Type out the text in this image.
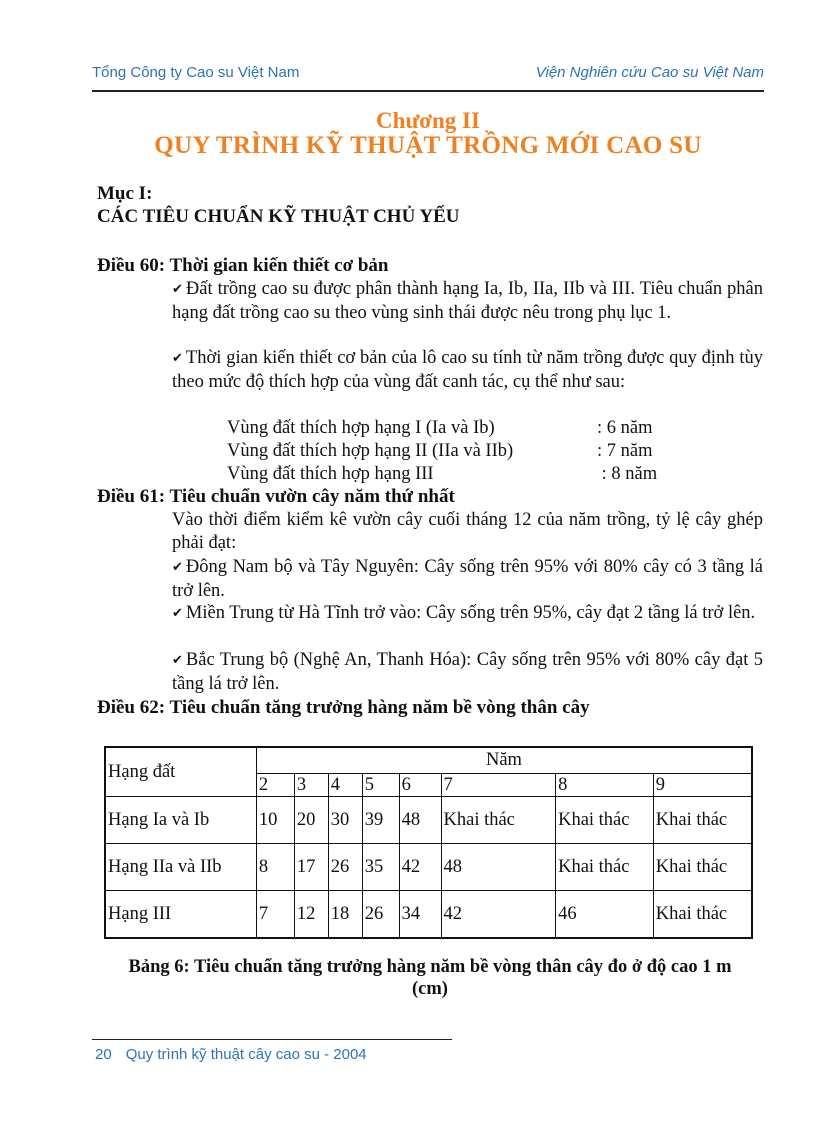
Tổng Công ty Cao su Việt Nam	Viện Nghiên cứu Cao su Việt Nam
Chương II
QUY TRÌNH KỸ THUẬT TRỒNG MỚI CAO SU
Mục I:
CÁC TIÊU CHUẨN KỸ THUẬT CHỦ YẾU
Điều 60: Thời gian kiến thiết cơ bản
✔ Đất trồng cao su được phân thành hạng Ia, Ib, IIa, IIb và III. Tiêu chuẩn phân hạng đất trồng cao su theo vùng sinh thái được nêu trong phụ lục 1.
✔ Thời gian kiến thiết cơ bản của lô cao su tính từ năm trồng được quy định tùy theo mức độ thích hợp của vùng đất canh tác, cụ thể như sau:
Vùng đất thích hợp hạng I (Ia và Ib)	: 6 năm
Vùng đất thích hợp hạng II (IIa và IIb)	: 7 năm
Vùng đất thích hợp hạng III	: 8 năm
Điều 61: Tiêu chuẩn vườn cây năm thứ nhất
Vào thời điểm kiểm kê vườn cây cuối tháng 12 của năm trồng, tỷ lệ cây ghép phải đạt:
✔ Đông Nam bộ và Tây Nguyên: Cây sống trên 95% với 80% cây có 3 tầng lá trở lên.
✔ Miền Trung từ Hà Tĩnh trở vào: Cây sống trên 95%, cây đạt 2 tầng lá trở lên.
✔ Bắc Trung bộ (Nghệ An, Thanh Hóa): Cây sống trên 95% với 80% cây đạt 5 tầng lá trở lên.
Điều 62: Tiêu chuẩn tăng trưởng hàng năm bề vòng thân cây
Hạng đất	Năm							
	2	3	4	5	6	7	8	9
Hạng Ia và Ib	10	20	30	39	48	Khai thác	Khai thác	Khai thác
Hạng IIa và IIb	8	17	26	35	42	48	Khai thác	Khai thác
Hạng III	7	12	18	26	34	42	46	Khai thác
Bảng 6: Tiêu chuẩn tăng trưởng hàng năm bề vòng thân cây đo ở độ cao 1 m (cm)
20 Quy trình kỹ thuật cây cao su - 2004
